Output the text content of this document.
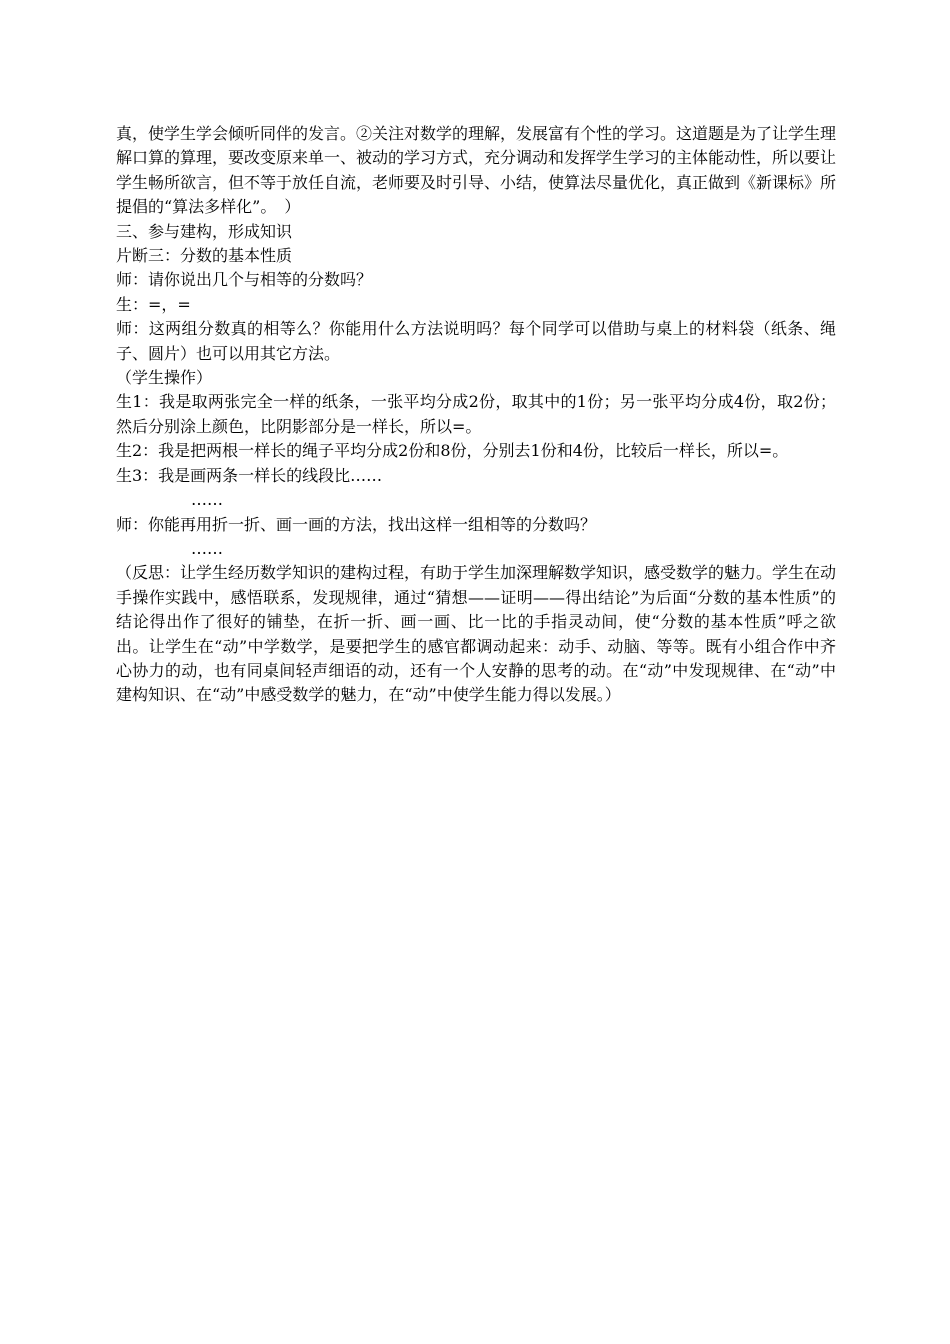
真，使学生学会倾听同伴的发言。②关注对数学的理解，发展富有个性的学习。这道题是为了让学生理解口算的算理，要改变原来单一、被动的学习方式，充分调动和发挥学生学习的主体能动性，所以要让学生畅所欲言，但不等于放任自流，老师要及时引导、小结，使算法尽量优化，真正做到《新课标》所提倡的“算法多样化”。　）

三、参与建构，形成知识

片断三：分数的基本性质

师：请你说出几个与相等的分数吗？

生：=，=

师：这两组分数真的相等么？你能用什么方法说明吗？每个同学可以借助与桌上的材料袋（纸条、绳子、圆片）也可以用其它方法。

（学生操作）

生1：我是取两张完全一样的纸条，一张平均分成2份，取其中的1份；另一张平均分成4份，取2份；然后分别涂上颜色，比阴影部分是一样长，所以=。

生2：我是把两根一样长的绳子平均分成2份和8份，分别去1份和4份，比较后一样长，所以=。

生3：我是画两条一样长的线段比……

……

师：你能再用折一折、画一画的方法，找出这样一组相等的分数吗？

……

（反思：让学生经历数学知识的建构过程，有助于学生加深理解数学知识，感受数学的魅力。学生在动手操作实践中，感悟联系，发现规律，通过“猜想——证明——得出结论”为后面“分数的基本性质”的结论得出作了很好的铺垫，在折一折、画一画、比一比的手指灵动间，使“分数的基本性质”呼之欲出。让学生在“动”中学数学，是要把学生的感官都调动起来：动手、动脑、等等。既有小组合作中齐心协力的动，也有同桌间轻声细语的动，还有一个人安静的思考的动。在“动”中发现规律、在“动”中建构知识、在“动”中感受数学的魅力，在“动”中使学生能力得以发展。）
